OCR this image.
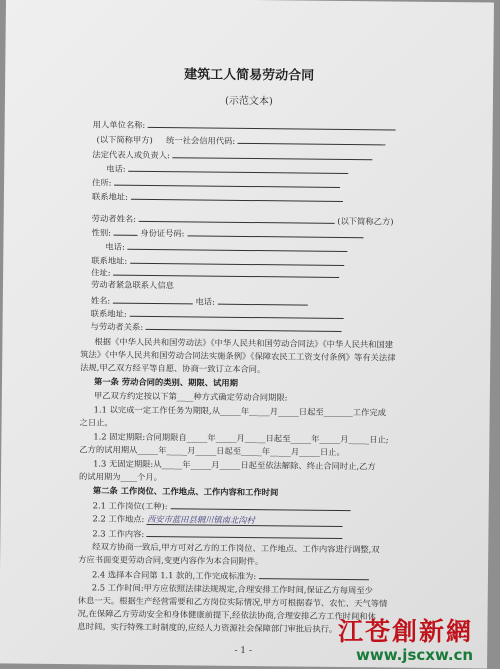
建筑工人简易劳动合同
(示范文本)
用人单位名称:
(以下简称甲方) 统一社会信用代码:
法定代表人或负责人:
电话:
住所:
联系地址:
劳动者姓名:	(以下简称乙方)
性别:	身份证号码:
电话:
联系地址:
住址:
劳动者紧急联系人信息
姓名:	电话:
联系地址:
与劳动者关系:
根据《中华人民共和国劳动法》《中华人民共和国劳动合同法》《中华人民共和国建
筑法》《中华人民共和国劳动合同法实施条例》《保障农民工工资支付条例》等有关法律
法规,甲乙双方经平等自愿、协商一致订立本合同。
第一条 劳动合同的类别、期限、试用期
甲乙双方约定按以下第____种方式确定劳动合同期限:
1.1 以完成一定工作任务为期限,从_____年_____月_____日起至_______工作完成
之日止。
1.2 固定期限:合同期限自_____年_____月_____日起至_____年_____月_____日止;
乙方的试用期从_____年_____月_____日起至_____年_____月_____日止。
1.3 无固定期限:从_____年_____月_____日起至依法解除、终止合同时止,乙方
的试用期为____个月。
第二条 工作岗位、工作地点、工作内容和工作时间
2.1 工作岗位(工种):
2.2 工作地点: 西安市蓝田县辋川镇南北沟村
2.3 工作内容:
经双方协商一致后,甲方可对乙方的工作岗位、工作地点、工作内容进行调整,双
方应书面变更劳动合同,变更内容作为本合同附件。
2.4 选择本合同第 1.1 款的,工作完成标准为:
2.5 工作时间:甲方应依照法律法规规定,合理安排工作时间,保证乙方每周至少
休息一天。根据生产经营需要和乙方岗位实际情况,甲方可根据春节、农忙、天气等情
况,在保障乙方劳动安全和身体健康前提下,经依法协商,合理安排乙方工作时间和休
息时间。实行特殊工时制度的,应经人力资源社会保障部门审批后执行。
- 1 -
江苍創新網
www.jscxw.cn
